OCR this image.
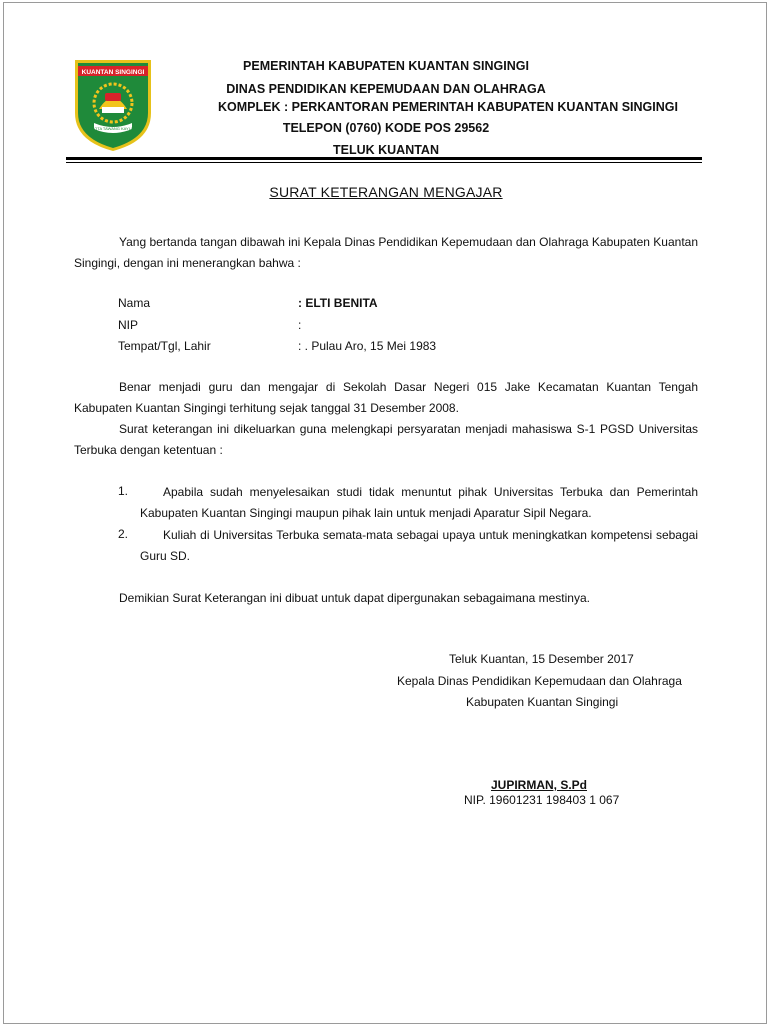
KUANTAN SINGINGI
KOTA TAWANG KAYUH
PEMERINTAH KABUPATEN KUANTAN SINGINGI
DINAS PENDIDIKAN KEPEMUDAAN DAN OLAHRAGA
KOMPLEK : PERKANTORAN PEMERINTAH KABUPATEN KUANTAN SINGINGI
TELEPON (0760) KODE POS 29562
TELUK KUANTAN
SURAT KETERANGAN MENGAJAR
Yang bertanda tangan dibawah ini Kepala Dinas Pendidikan Kepemudaan dan Olahraga Kabupaten Kuantan Singingi, dengan ini menerangkan bahwa :
Nama	: ELTI BENITA
NIP	:
Tempat/Tgl, Lahir	: . Pulau Aro, 15 Mei 1983
Benar menjadi guru dan mengajar di Sekolah Dasar Negeri 015 Jake Kecamatan Kuantan Tengah Kabupaten Kuantan Singingi terhitung sejak tanggal 31 Desember 2008.
Surat keterangan ini dikeluarkan guna melengkapi persyaratan menjadi mahasiswa S-1 PGSD Universitas Terbuka dengan ketentuan :
1.	Apabila sudah menyelesaikan studi tidak menuntut pihak Universitas Terbuka dan Pemerintah Kabupaten Kuantan Singingi maupun pihak lain untuk menjadi Aparatur Sipil Negara.
2.	Kuliah di Universitas Terbuka semata-mata sebagai upaya untuk meningkatkan kompetensi sebagai Guru SD.
Demikian Surat Keterangan ini dibuat untuk dapat dipergunakan sebagaimana mestinya.
Teluk Kuantan, 15 Desember 2017
Kepala Dinas Pendidikan Kepemudaan dan Olahraga
Kabupaten Kuantan Singingi
JUPIRMAN, S.Pd
NIP. 19601231 198403 1 067
